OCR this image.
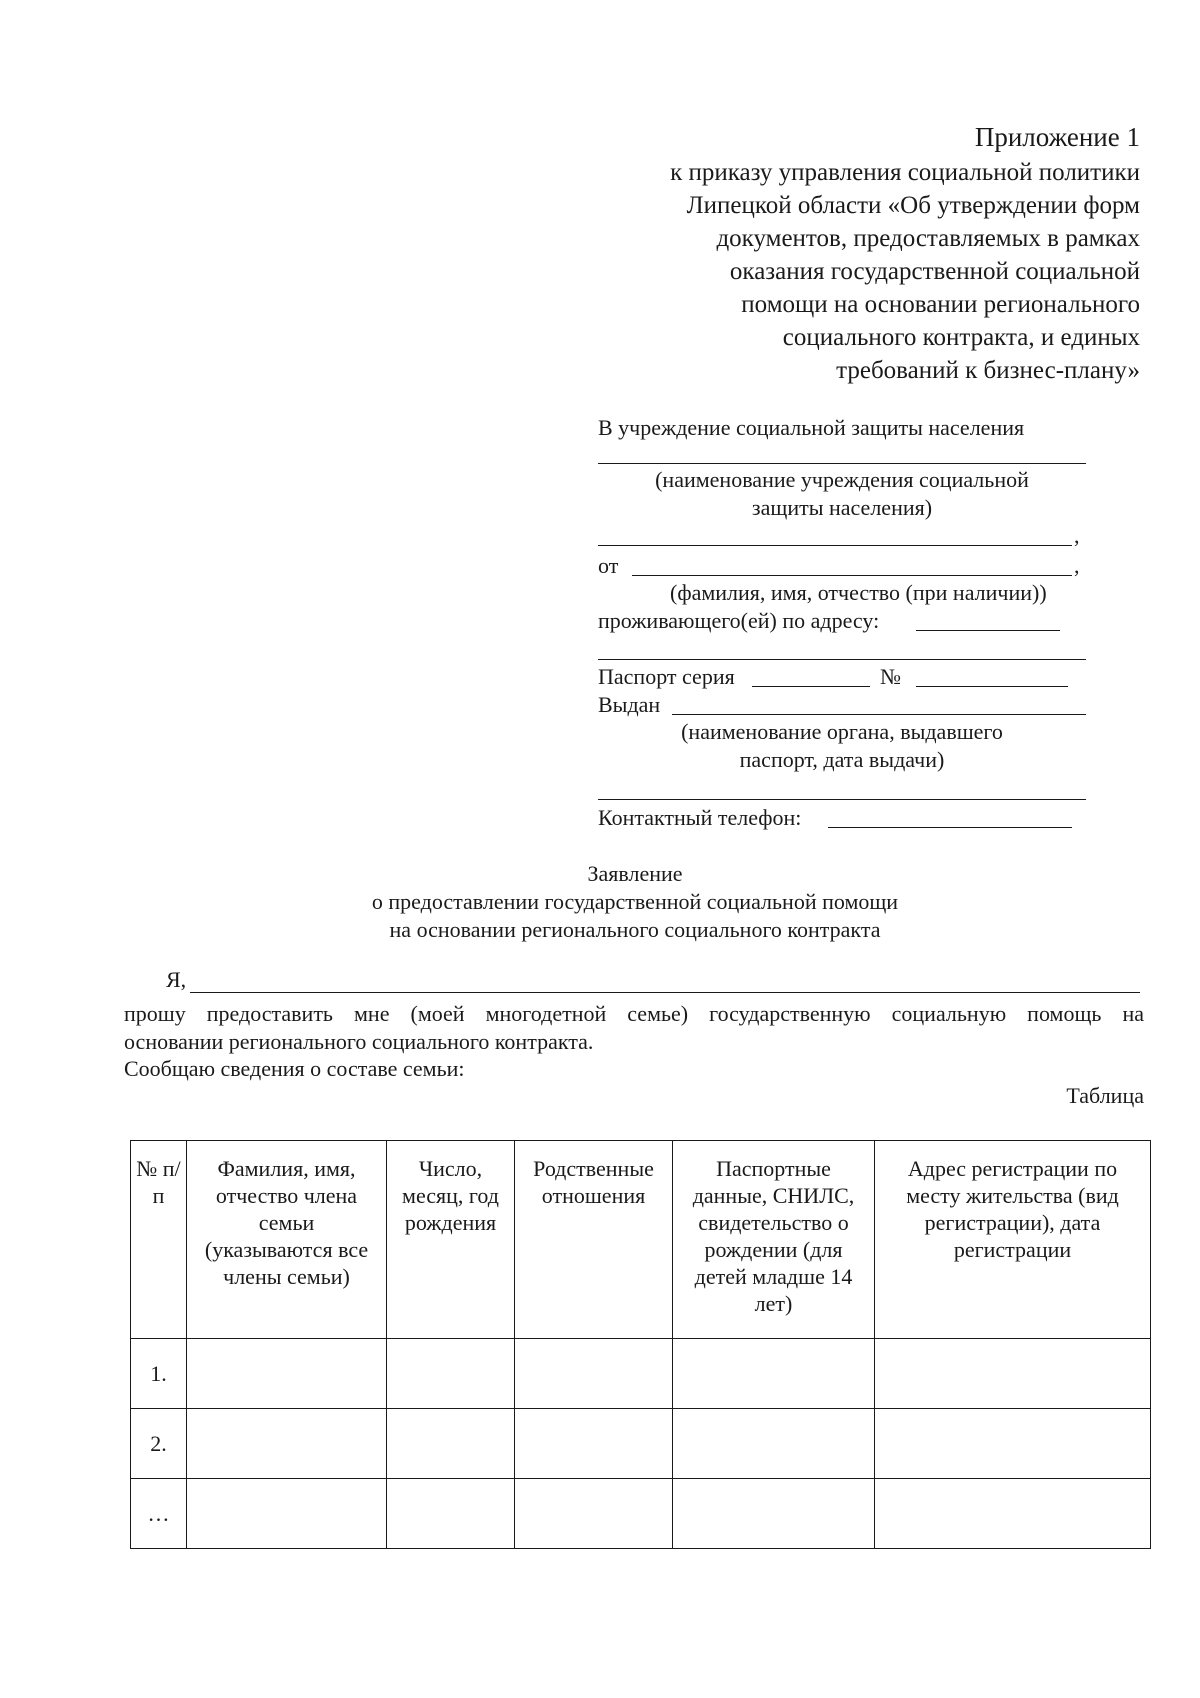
Приложение 1
к приказу управления социальной политики
Липецкой области «Об утверждении форм
документов, предоставляемых в рамках
оказания государственной социальной
помощи на основании регионального
социального контракта, и единых
требований к бизнес-плану»
В учреждение социальной защиты населения
(наименование учреждения социальной
защиты населения)
,
от	,
(фамилия, имя, отчество (при наличии))
проживающего(ей) по адресу:
Паспорт серия	№
Выдан
(наименование органа, выдавшего
паспорт, дата выдачи)
Контактный телефон:
Заявление
о предоставлении государственной социальной помощи
на основании регионального социального контракта
Я,
прошу предоставить мне (моей многодетной семье) государственную социальную помощь на
основании регионального социального контракта.
Сообщаю сведения о составе семьи:
Таблица
№ п/п	Фамилия, имя, отчество члена семьи (указываются все члены семьи)	Число, месяц, год рождения	Родственные отношения	Паспортные данные, СНИЛС, свидетельство о рождении (для детей младше 14 лет)	Адрес регистрации по месту жительства (вид регистрации), дата регистрации
1.					
2.					
…					
